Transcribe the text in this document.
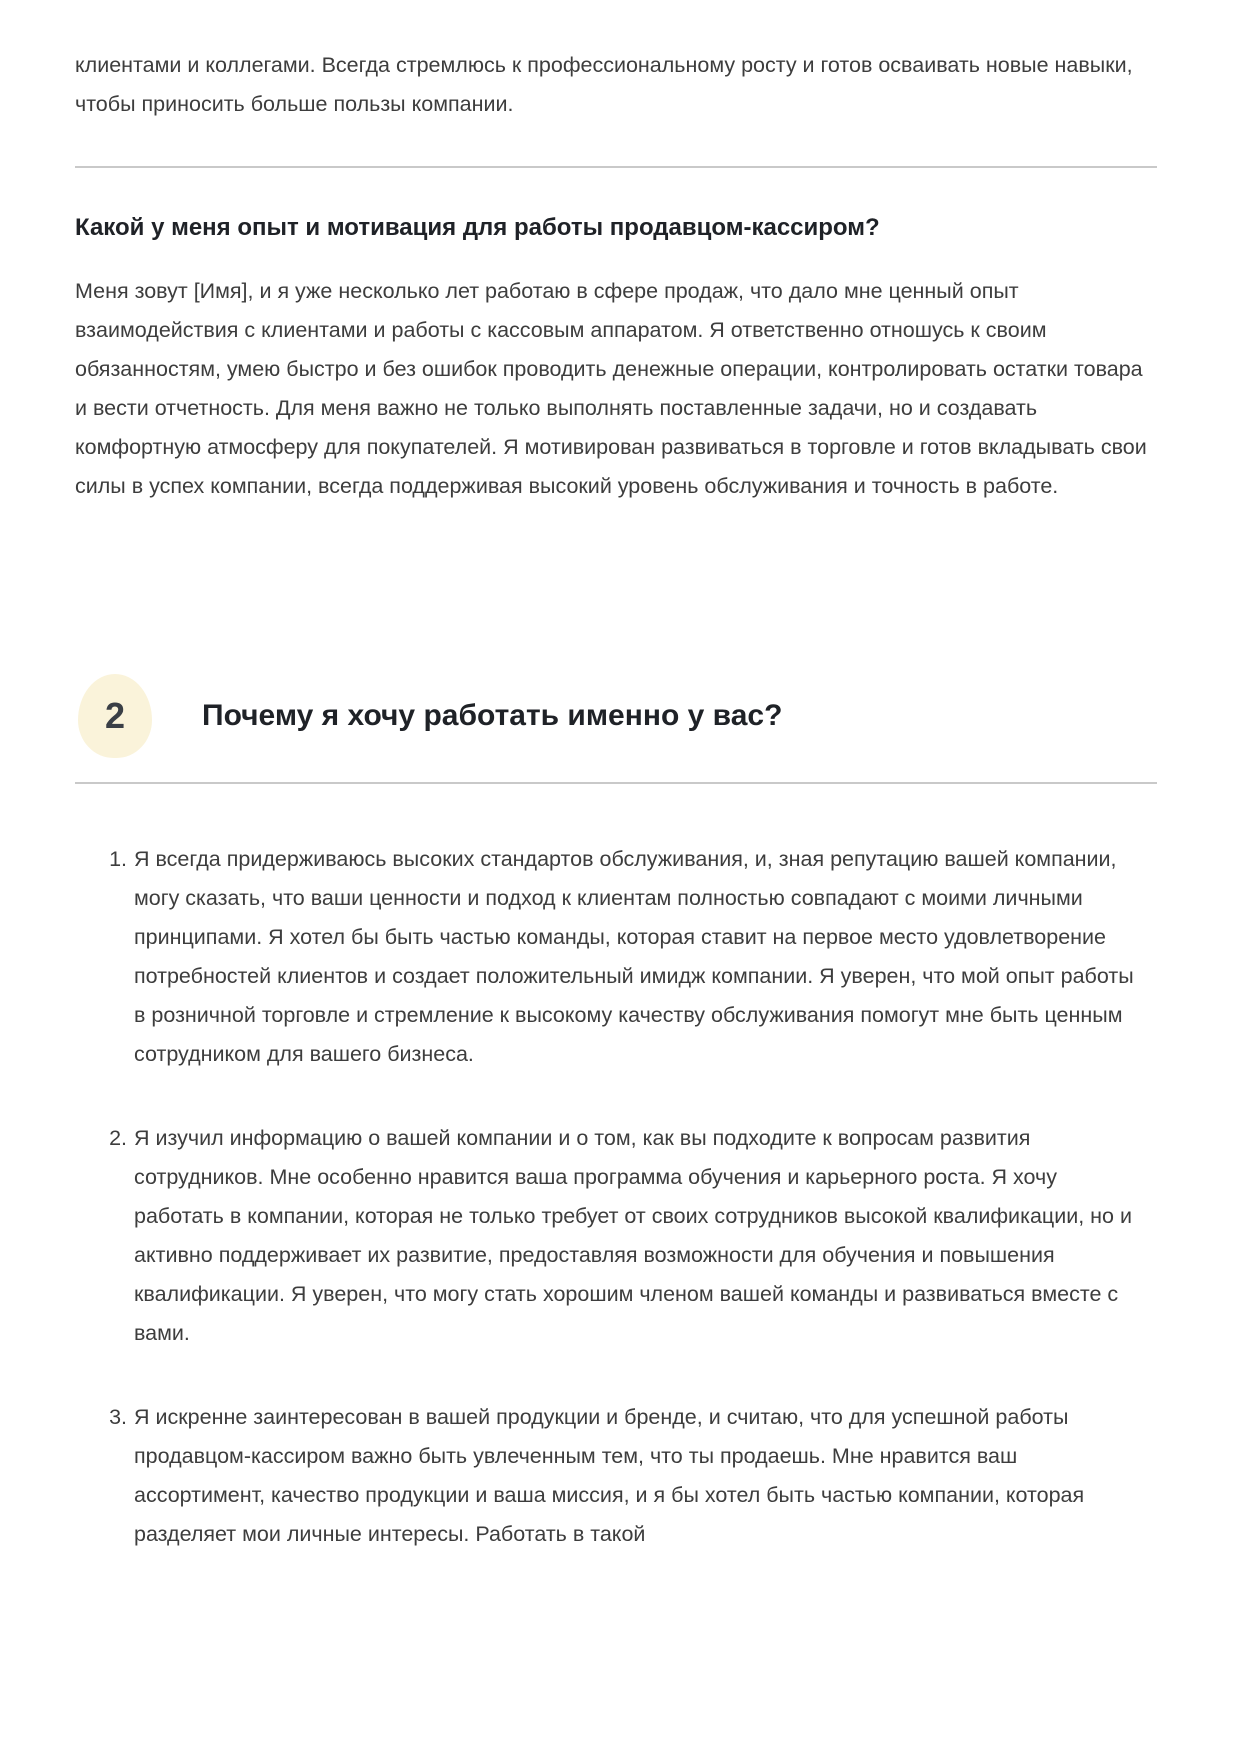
клиентами и коллегами. Всегда стремлюсь к профессиональному росту и готов осваивать новые навыки, чтобы приносить больше пользы компании.

Какой у меня опыт и мотивация для работы продавцом-кассиром?

Меня зовут [Имя], и я уже несколько лет работаю в сфере продаж, что дало мне ценный опыт взаимодействия с клиентами и работы с кассовым аппаратом. Я ответственно отношусь к своим обязанностям, умею быстро и без ошибок проводить денежные операции, контролировать остатки товара и вести отчетность. Для меня важно не только выполнять поставленные задачи, но и создавать комфортную атмосферу для покупателей. Я мотивирован развиваться в торговле и готов вкладывать свои силы в успех компании, всегда поддерживая высокий уровень обслуживания и точность в работе.

2	Почему я хочу работать именно у вас?
1. Я всегда придерживаюсь высоких стандартов обслуживания, и, зная репутацию вашей компании, могу сказать, что ваши ценности и подход к клиентам полностью совпадают с моими личными принципами. Я хотел бы быть частью команды, которая ставит на первое место удовлетворение потребностей клиентов и создает положительный имидж компании. Я уверен, что мой опыт работы в розничной торговле и стремление к высокому качеству обслуживания помогут мне быть ценным сотрудником для вашего бизнеса.
2. Я изучил информацию о вашей компании и о том, как вы подходите к вопросам развития сотрудников. Мне особенно нравится ваша программа обучения и карьерного роста. Я хочу работать в компании, которая не только требует от своих сотрудников высокой квалификации, но и активно поддерживает их развитие, предоставляя возможности для обучения и повышения квалификации. Я уверен, что могу стать хорошим членом вашей команды и развиваться вместе с вами.
3. Я искренне заинтересован в вашей продукции и бренде, и считаю, что для успешной работы продавцом-кассиром важно быть увлеченным тем, что ты продаешь. Мне нравится ваш ассортимент, качество продукции и ваша миссия, и я бы хотел быть частью компании, которая разделяет мои личные интересы. Работать в такой
